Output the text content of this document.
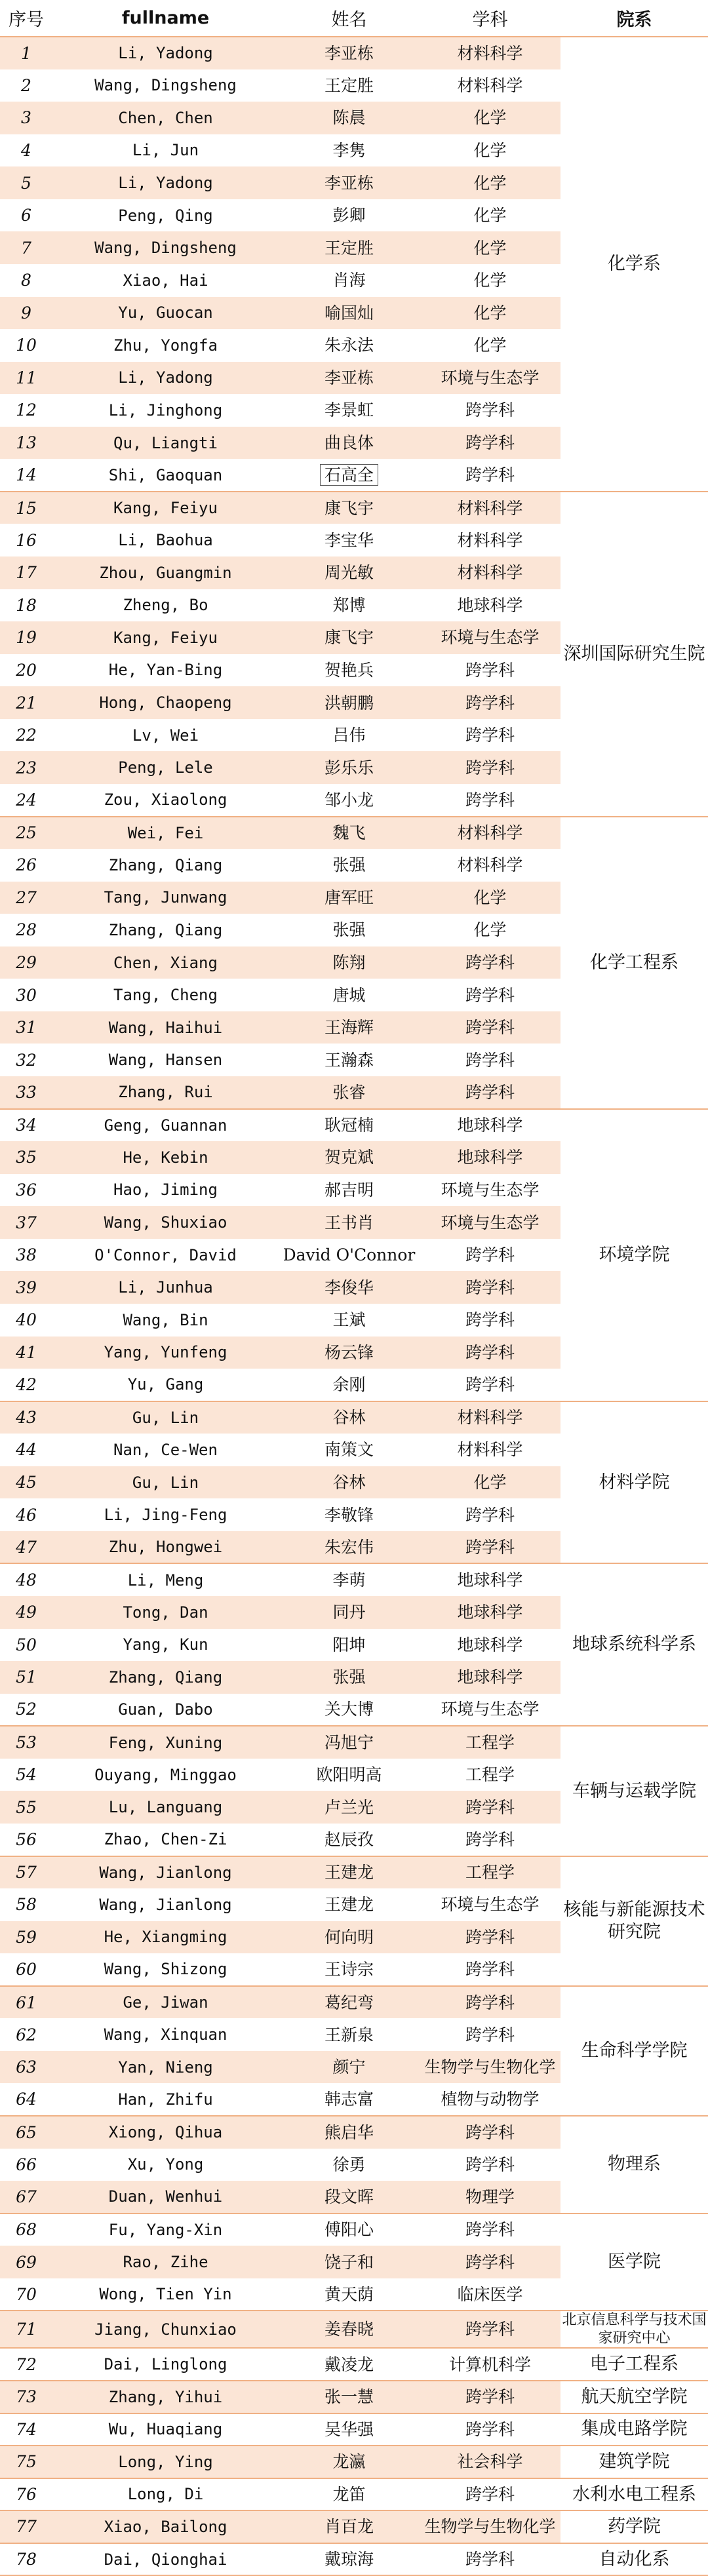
序号	fullname	姓名	学科	院系
1	Li, Yadong	李亚栋	材料科学	化学系
2	Wang, Dingsheng	王定胜	材料科学	
3	Chen, Chen	陈晨	化学	
4	Li, Jun	李隽	化学	
5	Li, Yadong	李亚栋	化学	
6	Peng, Qing	彭卿	化学	
7	Wang, Dingsheng	王定胜	化学	
8	Xiao, Hai	肖海	化学	
9	Yu, Guocan	喻国灿	化学	
10	Zhu, Yongfa	朱永法	化学	
11	Li, Yadong	李亚栋	环境与生态学	
12	Li, Jinghong	李景虹	跨学科	
13	Qu, Liangti	曲良体	跨学科	
14	Shi, Gaoquan	石高全	跨学科	
15	Kang, Feiyu	康飞宇	材料科学	深圳国际研究生院
16	Li, Baohua	李宝华	材料科学	
17	Zhou, Guangmin	周光敏	材料科学	
18	Zheng, Bo	郑博	地球科学	
19	Kang, Feiyu	康飞宇	环境与生态学	
20	He, Yan-Bing	贺艳兵	跨学科	
21	Hong, Chaopeng	洪朝鹏	跨学科	
22	Lv, Wei	吕伟	跨学科	
23	Peng, Lele	彭乐乐	跨学科	
24	Zou, Xiaolong	邹小龙	跨学科	
25	Wei, Fei	魏飞	材料科学	化学工程系
26	Zhang, Qiang	张强	材料科学	
27	Tang, Junwang	唐军旺	化学	
28	Zhang, Qiang	张强	化学	
29	Chen, Xiang	陈翔	跨学科	
30	Tang, Cheng	唐城	跨学科	
31	Wang, Haihui	王海辉	跨学科	
32	Wang, Hansen	王瀚森	跨学科	
33	Zhang, Rui	张睿	跨学科	
34	Geng, Guannan	耿冠楠	地球科学	环境学院
35	He, Kebin	贺克斌	地球科学	
36	Hao, Jiming	郝吉明	环境与生态学	
37	Wang, Shuxiao	王书肖	环境与生态学	
38	O'Connor, David	David O'Connor	跨学科	
39	Li, Junhua	李俊华	跨学科	
40	Wang, Bin	王斌	跨学科	
41	Yang, Yunfeng	杨云锋	跨学科	
42	Yu, Gang	余刚	跨学科	
43	Gu, Lin	谷林	材料科学	材料学院
44	Nan, Ce-Wen	南策文	材料科学	
45	Gu, Lin	谷林	化学	
46	Li, Jing-Feng	李敬锋	跨学科	
47	Zhu, Hongwei	朱宏伟	跨学科	
48	Li, Meng	李萌	地球科学	地球系统科学系
49	Tong, Dan	同丹	地球科学	
50	Yang, Kun	阳坤	地球科学	
51	Zhang, Qiang	张强	地球科学	
52	Guan, Dabo	关大博	环境与生态学	
53	Feng, Xuning	冯旭宁	工程学	车辆与运载学院
54	Ouyang, Minggao	欧阳明高	工程学	
55	Lu, Languang	卢兰光	跨学科	
56	Zhao, Chen-Zi	赵辰孜	跨学科	
57	Wang, Jianlong	王建龙	工程学	核能与新能源技术研究院
58	Wang, Jianlong	王建龙	环境与生态学	
59	He, Xiangming	何向明	跨学科	
60	Wang, Shizong	王诗宗	跨学科	
61	Ge, Jiwan	葛纪弯	跨学科	生命科学学院
62	Wang, Xinquan	王新泉	跨学科	
63	Yan, Nieng	颜宁	生物学与生物化学	
64	Han, Zhifu	韩志富	植物与动物学	
65	Xiong, Qihua	熊启华	跨学科	物理系
66	Xu, Yong	徐勇	跨学科	
67	Duan, Wenhui	段文晖	物理学	
68	Fu, Yang-Xin	傅阳心	跨学科	医学院
69	Rao, Zihe	饶子和	跨学科	
70	Wong, Tien Yin	黄天荫	临床医学	
71	Jiang, Chunxiao	姜春晓	跨学科	北京信息科学与技术国家研究中心
72	Dai, Linglong	戴凌龙	计算机科学	电子工程系
73	Zhang, Yihui	张一慧	跨学科	航天航空学院
74	Wu, Huaqiang	吴华强	跨学科	集成电路学院
75	Long, Ying	龙瀛	社会科学	建筑学院
76	Long, Di	龙笛	跨学科	水利水电工程系
77	Xiao, Bailong	肖百龙	生物学与生物化学	药学院
78	Dai, Qionghai	戴琼海	跨学科	自动化系
